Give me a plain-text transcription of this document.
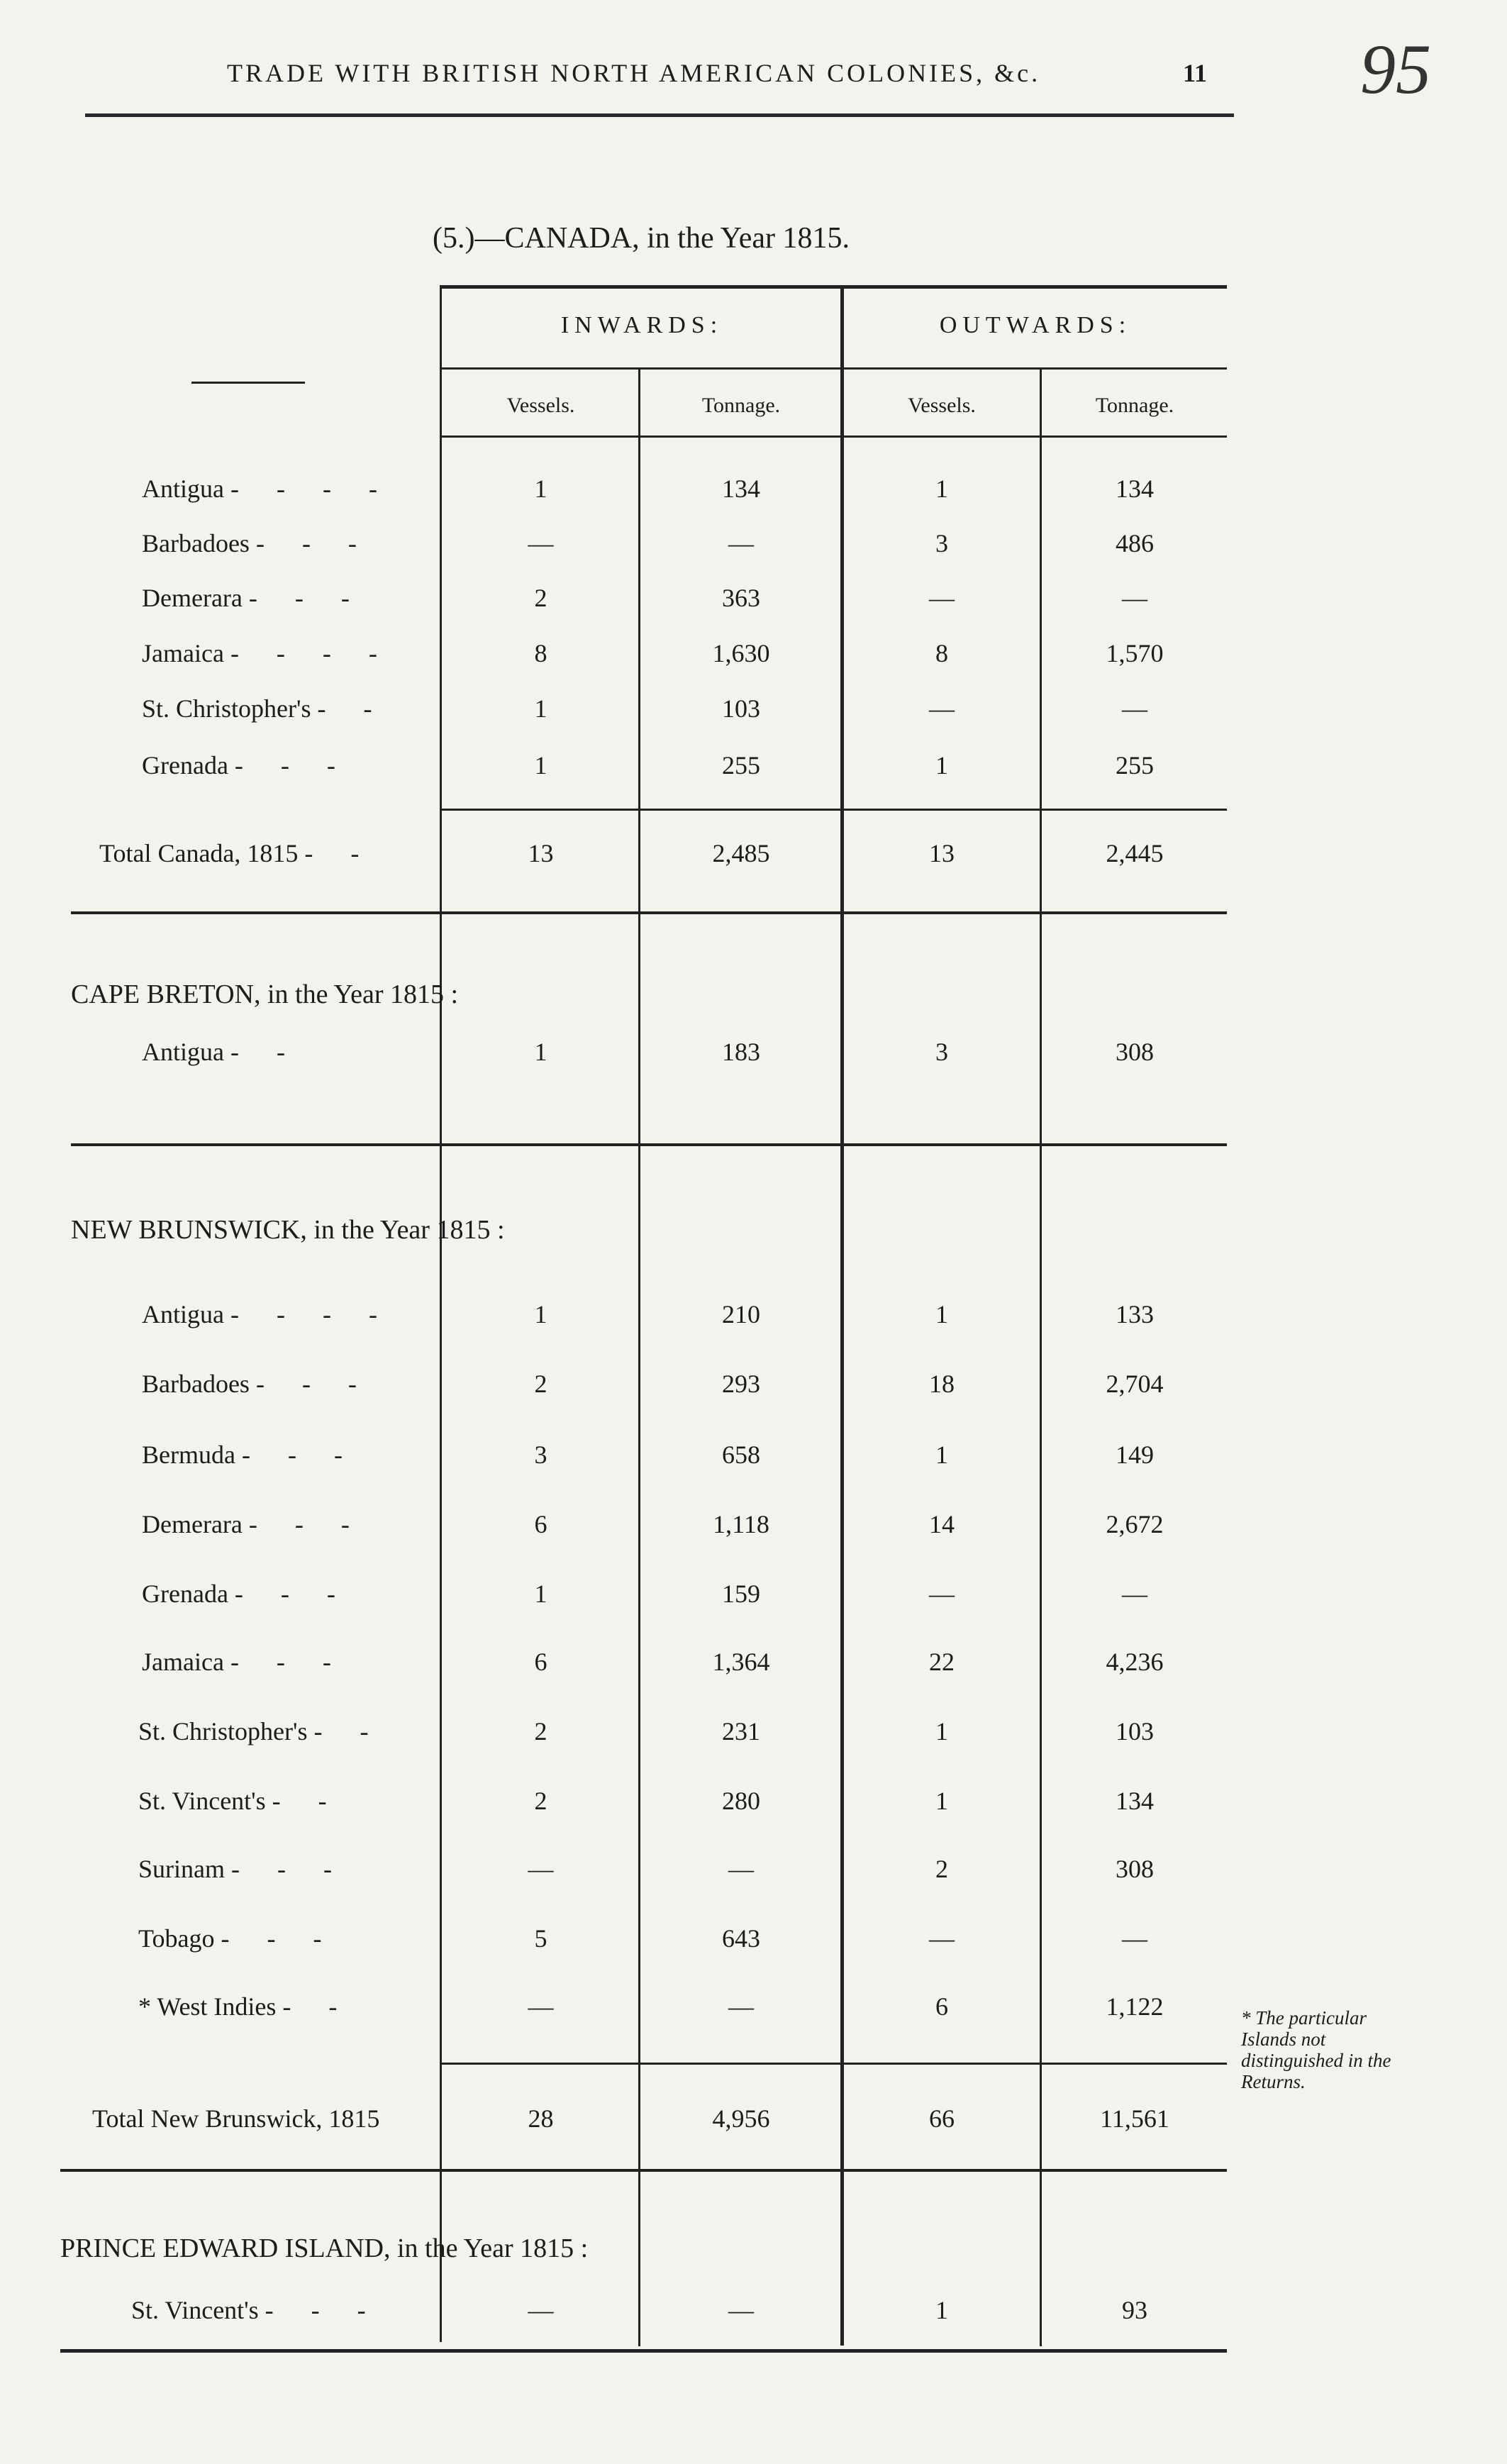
TRADE WITH BRITISH NORTH AMERICAN COLONIES, &c.	11 95
(5.)—CANADA, in the Year 1815.
INWARDS:	OUTWARDS:
Vessels.	Tonnage.	Vessels.	Tonnage.
Antigua - - - -	1	134	1	134
Barbadoes - - -	—	—	3	486
Demerara - - -	2	363	—	—
Jamaica - - - -	8	1,630	8	1,570
St. Christopher's - -	1	103	—	—
Grenada - - -	1	255	1	255
Total Canada, 1815 - -	13	2,485	13	2,445
CAPE BRETON, in the Year 1815 :
Antigua - -	1	183	3	308
NEW BRUNSWICK, in the Year 1815 :
Antigua - - - -	1	210	1	133
Barbadoes - - -	2	293	18	2,704
Bermuda - - -	3	658	1	149
Demerara - - -	6	1,118	14	2,672
Grenada - - -	1	159	—	—
Jamaica - - -	6	1,364	22	4,236
St. Christopher's - -	2	231	1	103
St. Vincent's - -	2	280	1	134
Surinam - - -	—	—	2	308
Tobago - - -	5	643	—	—
* West Indies - -	—	—	6	1,122
Total New Brunswick, 1815	28	4,956	66	11,561
* The particular Islands not distinguished in the Returns.
PRINCE EDWARD ISLAND, in the Year 1815 :
St. Vincent's - - -	—	—	1	93
